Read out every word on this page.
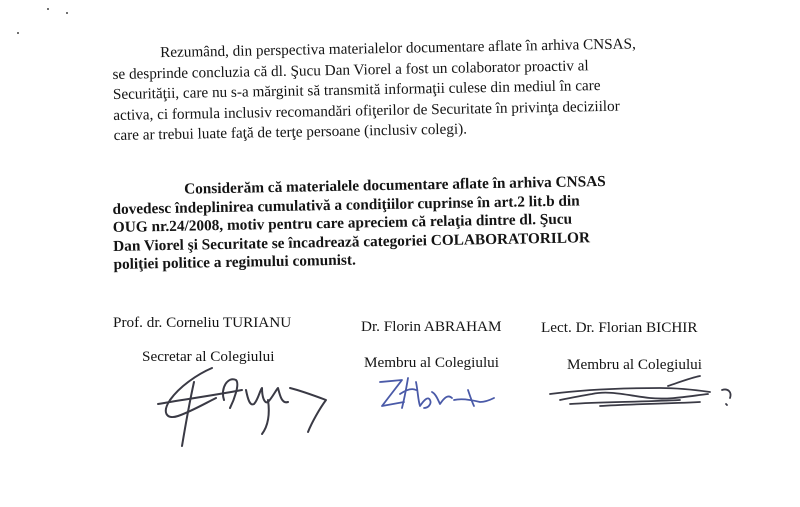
Rezumând, din perspectiva materialelor documentare aflate în arhiva CNSAS,
se desprinde concluzia că dl. Şucu Dan Viorel a fost un colaborator proactiv al
Securităţii, care nu s-a mărginit să transmită informaţii culese din mediul în care
activa, ci formula inclusiv recomandări ofiţerilor de Securitate în privinţa deciziilor
care ar trebui luate faţă de terţe persoane (inclusiv colegi).
Considerăm că materialele documentare aflate în arhiva CNSAS
dovedesc îndeplinirea cumulativă a condiţiilor cuprinse în art.2 lit.b din
OUG nr.24/2008, motiv pentru care apreciem că relaţia dintre dl. Şucu
Dan Viorel şi Securitate se încadrează categoriei COLABORATORILOR
poliţiei politice a regimului comunist.
Prof. dr. Corneliu TURIANU
Secretar al Colegiului
Dr. Florin ABRAHAM
Membru al Colegiului
Lect. Dr. Florian BICHIR
Membru al Colegiului
